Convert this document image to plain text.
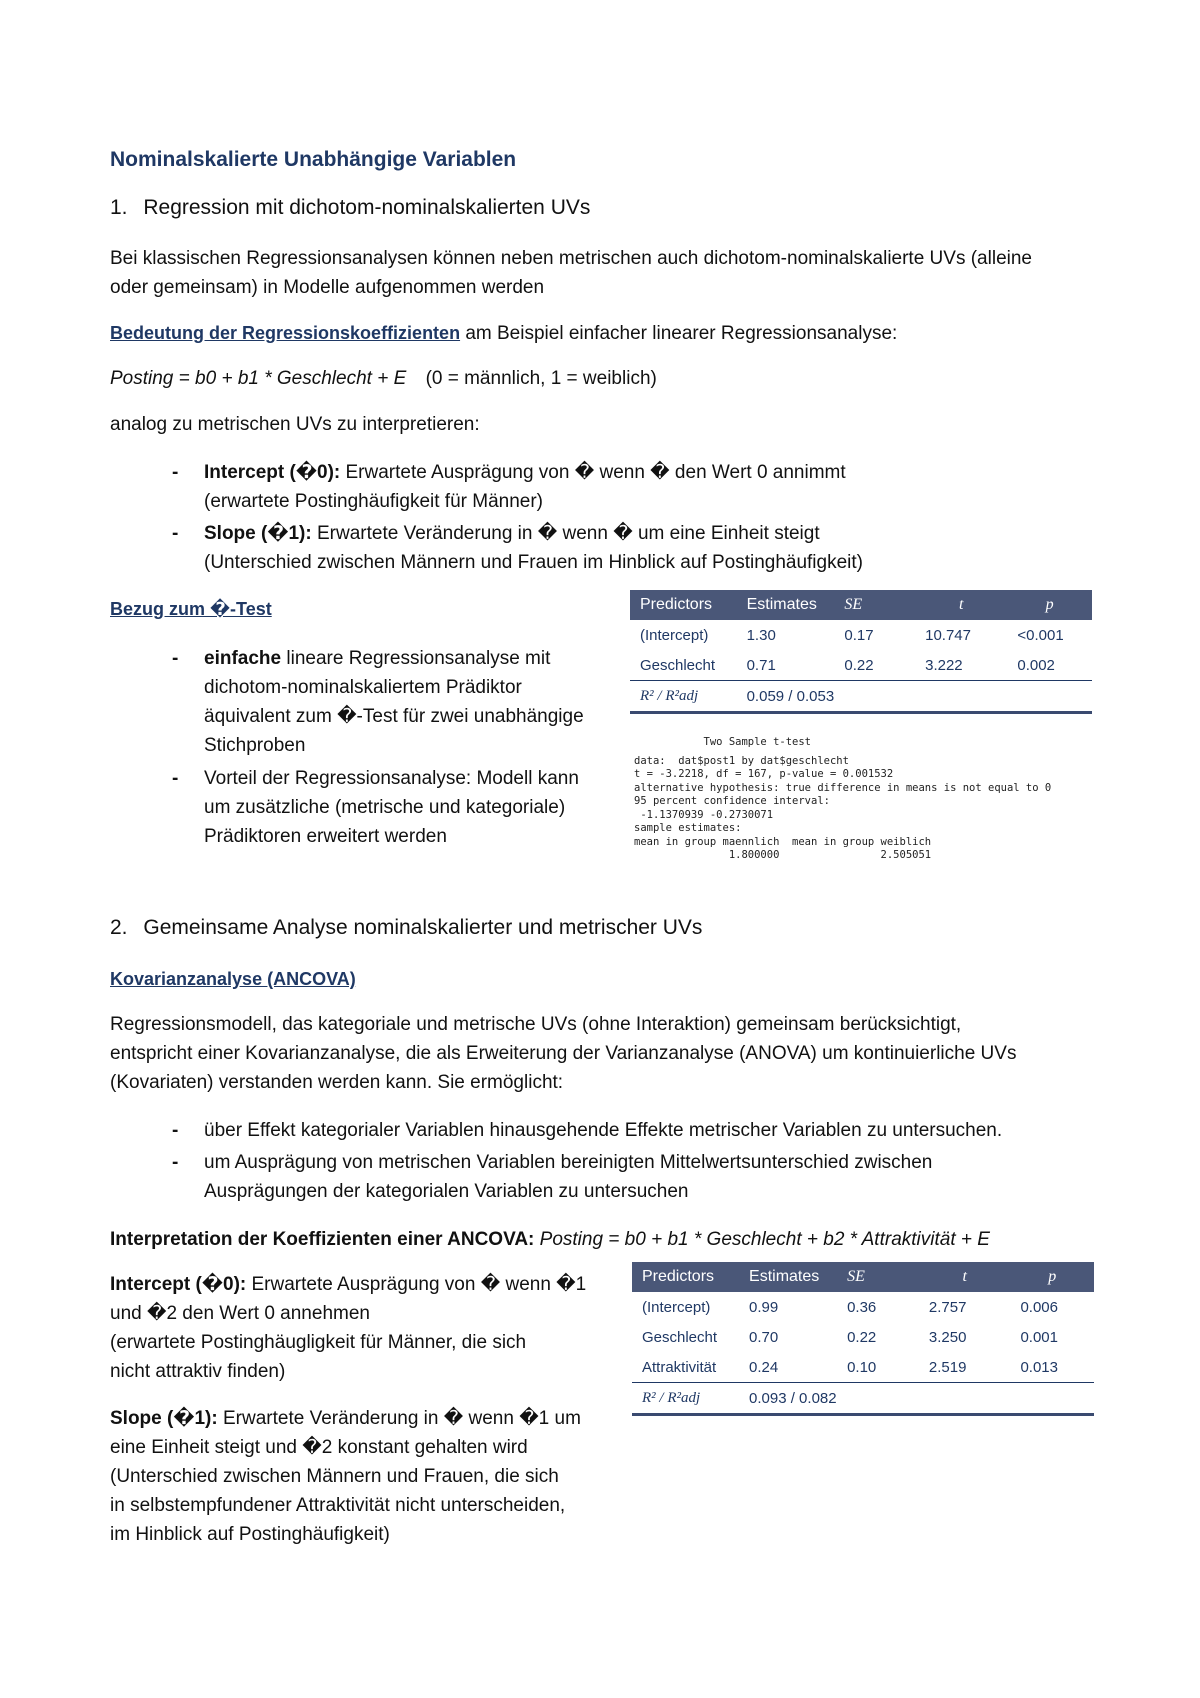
Nominalskalierte Unabhängige Variablen
1. Regression mit dichotom-nominalskalierten UVs
Bei klassischen Regressionsanalysen können neben metrischen auch dichotom-nominalskalierte UVs (alleine
oder gemeinsam) in Modelle aufgenommen werden
Bedeutung der Regressionskoeffizienten am Beispiel einfacher linearer Regressionsanalyse:
Posting = b0 + b1 * Geschlecht + E (0 = männlich, 1 = weiblich)
analog zu metrischen UVs zu interpretieren:
- Intercept (�0): Erwartete Ausprägung von � wenn � den Wert 0 annimmt
(erwartete Postinghäufigkeit für Männer)
- Slope (�1): Erwartete Veränderung in � wenn � um eine Einheit steigt
(Unterschied zwischen Männern und Frauen im Hinblick auf Postinghäufigkeit)
Bezug zum �-Test
- einfache lineare Regressionsanalyse mit
dichotom-nominalskaliertem Prädiktor
äquivalent zum �-Test für zwei unabhängige
Stichproben
- Vorteil der Regressionsanalyse: Modell kann
um zusätzliche (metrische und kategoriale)
Prädiktoren erweitert werden
Predictors	Estimates	SE	t	p
(Intercept)	1.30	0.17	10.747	<0.001
Geschlecht	0.71	0.22	3.222	0.002
R² / R²adj	0.059 / 0.053			
Two Sample t-test
data:  dat$post1 by dat$geschlecht
t = -3.2218, df = 167, p-value = 0.001532
alternative hypothesis: true difference in means is not equal to 0
95 percent confidence interval:
-1.1370939 -0.2730071
sample estimates:
mean in group maennlich  mean in group weiblich
1.800000                2.505051
2. Gemeinsame Analyse nominalskalierter und metrischer UVs
Kovarianzanalyse (ANCOVA)
Regressionsmodell, das kategoriale und metrische UVs (ohne Interaktion) gemeinsam berücksichtigt,
entspricht einer Kovarianzanalyse, die als Erweiterung der Varianzanalyse (ANOVA) um kontinuierliche UVs
(Kovariaten) verstanden werden kann. Sie ermöglicht:
- über Effekt kategorialer Variablen hinausgehende Effekte metrischer Variablen zu untersuchen.
- um Ausprägung von metrischen Variablen bereinigten Mittelwertsunterschied zwischen
Ausprägungen der kategorialen Variablen zu untersuchen
Interpretation der Koeffizienten einer ANCOVA: Posting = b0 + b1 * Geschlecht + b2 * Attraktivität + E
Intercept (�0): Erwartete Ausprägung von � wenn �1
und �2 den Wert 0 annehmen
(erwartete Postinghäugligkeit für Männer, die sich
nicht attraktiv finden)
Slope (�1): Erwartete Veränderung in � wenn �1 um
eine Einheit steigt und �2 konstant gehalten wird
(Unterschied zwischen Männern und Frauen, die sich
in selbstempfundener Attraktivität nicht unterscheiden,
im Hinblick auf Postinghäufigkeit)
Predictors	Estimates	SE	t	p
(Intercept)	0.99	0.36	2.757	0.006
Geschlecht	0.70	0.22	3.250	0.001
Attraktivität	0.24	0.10	2.519	0.013
R² / R²adj	0.093 / 0.082			
